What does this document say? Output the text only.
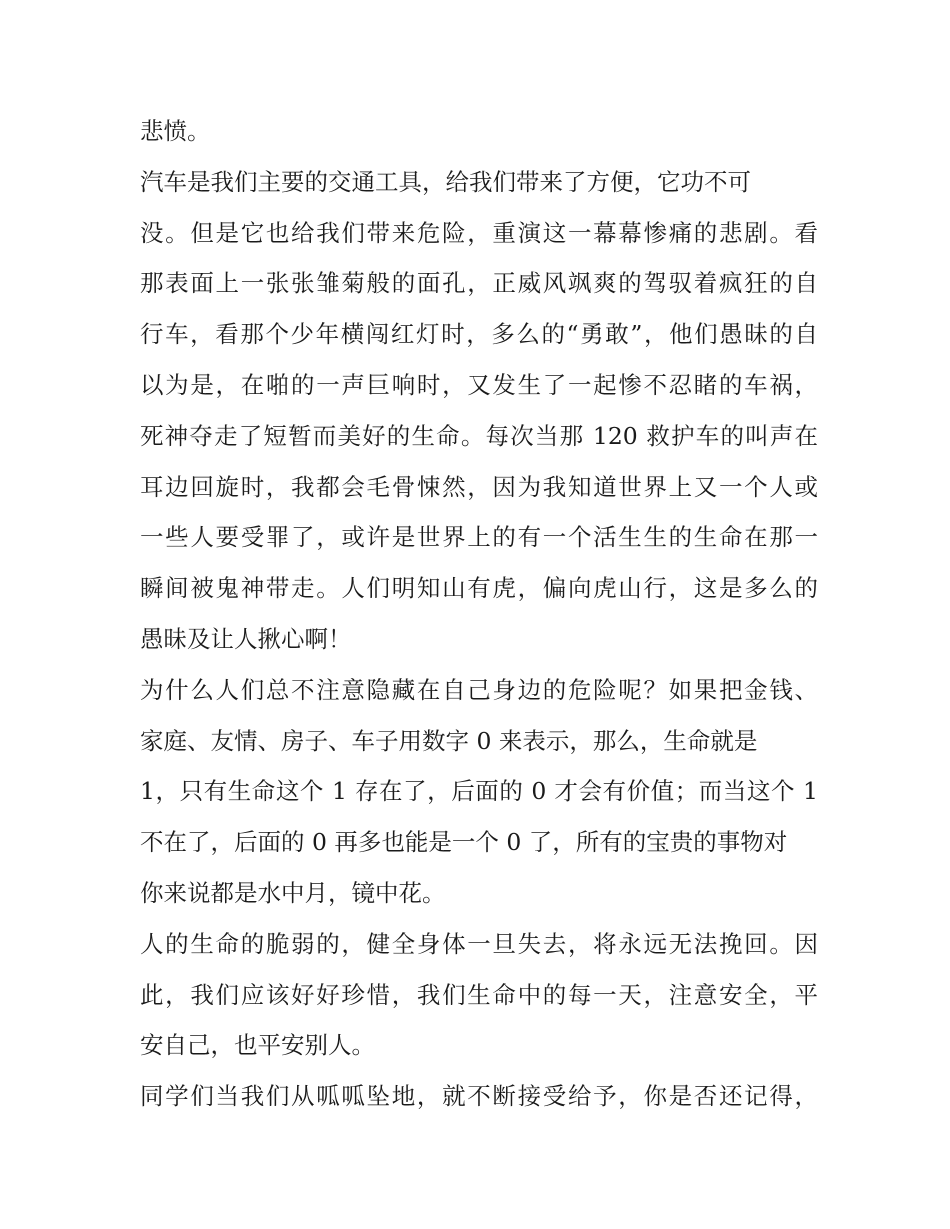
悲愤。
汽车是我们主要的交通工具，给我们带来了方便，它功不可
没。但是它也给我们带来危险，重演这一幕幕惨痛的悲剧。看
那表面上一张张雏菊般的面孔，正威风飒爽的驾驭着疯狂的自
行车，看那个少年横闯红灯时，多么的“勇敢”，他们愚昧的自
以为是，在啪的一声巨响时，又发生了一起惨不忍睹的车祸，
死神夺走了短暂而美好的生命。每次当那 120 救护车的叫声在
耳边回旋时，我都会毛骨悚然，因为我知道世界上又一个人或
一些人要受罪了，或许是世界上的有一个活生生的生命在那一
瞬间被鬼神带走。人们明知山有虎，偏向虎山行，这是多么的
愚昧及让人揪心啊！
为什么人们总不注意隐藏在自己身边的危险呢？如果把金钱、
家庭、友情、房子、车子用数字 0 来表示，那么，生命就是
1，只有生命这个 1 存在了，后面的 0 才会有价值；而当这个 1
不在了，后面的 0 再多也能是一个 0 了，所有的宝贵的事物对
你来说都是水中月，镜中花。
人的生命的脆弱的，健全身体一旦失去，将永远无法挽回。因
此，我们应该好好珍惜，我们生命中的每一天，注意安全，平
安自己，也平安别人。
同学们当我们从呱呱坠地，就不断接受给予，你是否还记得，
